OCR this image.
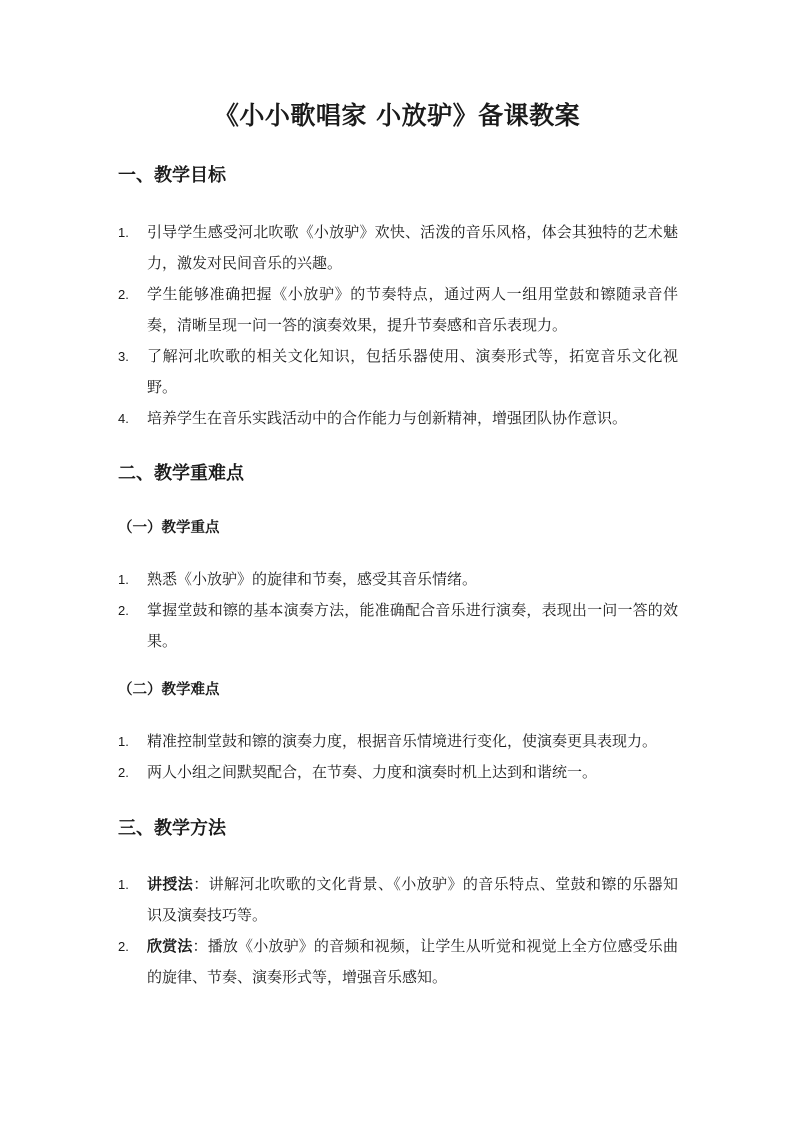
《小小歌唱家 小放驴》备课教案
一、教学目标
1. 引导学生感受河北吹歌《小放驴》欢快、活泼的音乐风格，体会其独特的艺术魅力，激发对民间音乐的兴趣。
2. 学生能够准确把握《小放驴》的节奏特点，通过两人一组用堂鼓和镲随录音伴奏，清晰呈现一问一答的演奏效果，提升节奏感和音乐表现力。
3. 了解河北吹歌的相关文化知识，包括乐器使用、演奏形式等，拓宽音乐文化视野。
4. 培养学生在音乐实践活动中的合作能力与创新精神，增强团队协作意识。
二、教学重难点
（一）教学重点
1. 熟悉《小放驴》的旋律和节奏，感受其音乐情绪。
2. 掌握堂鼓和镲的基本演奏方法，能准确配合音乐进行演奏，表现出一问一答的效果。
（二）教学难点
1. 精准控制堂鼓和镲的演奏力度，根据音乐情境进行变化，使演奏更具表现力。
2. 两人小组之间默契配合，在节奏、力度和演奏时机上达到和谐统一。
三、教学方法
1. 讲授法：讲解河北吹歌的文化背景、《小放驴》的音乐特点、堂鼓和镲的乐器知识及演奏技巧等。
2. 欣赏法：播放《小放驴》的音频和视频，让学生从听觉和视觉上全方位感受乐曲的旋律、节奏、演奏形式等，增强音乐感知。
